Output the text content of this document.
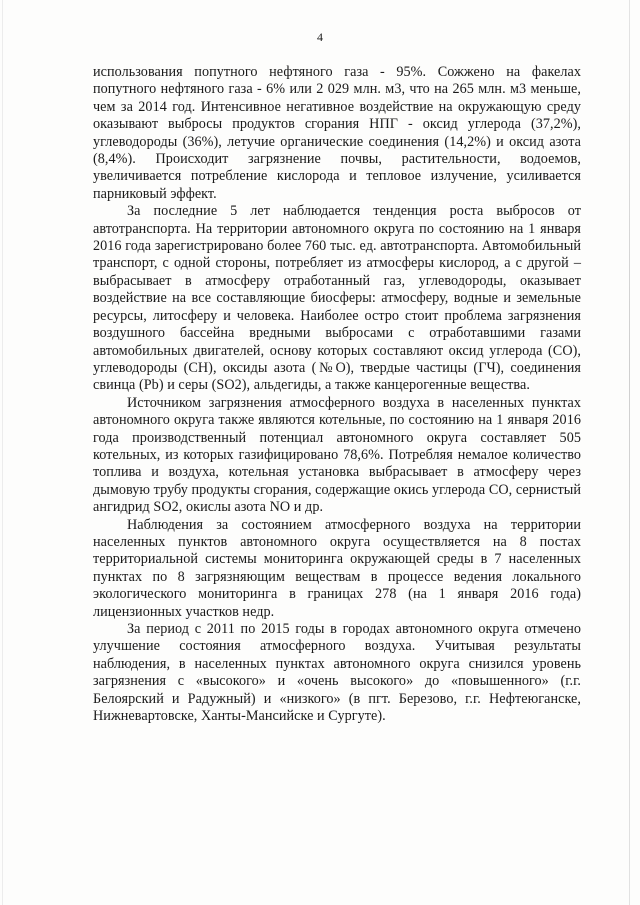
4

использования попутного нефтяного газа - 95%. Сожжено на факелах попутного нефтяного газа - 6% или 2 029 млн. м3, что на 265 млн. м3 меньше, чем за 2014 год. Интенсивное негативное воздействие на окружающую среду оказывают выбросы продуктов сгорания НПГ - оксид углерода (37,2%), углеводороды (36%), летучие органические соединения (14,2%) и оксид азота (8,4%). Происходит загрязнение почвы, растительности, водоемов, увеличивается потребление кислорода и тепловое излучение, усиливается парниковый эффект.

За последние 5 лет наблюдается тенденция роста выбросов от автотранспорта. На территории автономного округа по состоянию на 1 января 2016 года зарегистрировано более 760 тыс. ед. автотранспорта. Автомобильный транспорт, с одной стороны, потребляет из атмосферы кислород, а с другой – выбрасывает в атмосферу отработанный газ, углеводороды, оказывает воздействие на все составляющие биосферы: атмосферу, водные и земельные ресурсы, литосферу и человека. Наиболее остро стоит проблема загрязнения воздушного бассейна вредными выбросами с отработавшими газами автомобильных двигателей, основу которых составляют оксид углерода (СО), углеводороды (СН), оксиды азота (№О), твердые частицы (ГЧ), соединения свинца (Pb) и серы (SO2), альдегиды, а также канцерогенные вещества.

Источником загрязнения атмосферного воздуха в населенных пунктах автономного округа также являются котельные, по состоянию на 1 января 2016 года производственный потенциал автономного округа составляет 505 котельных, из которых газифицировано 78,6%. Потребляя немалое количество топлива и воздуха, котельная установка выбрасывает в атмосферу через дымовую трубу продукты сгорания, содержащие окись углерода СО, сернистый ангидрид SO2, окислы азота NO и др.

Наблюдения за состоянием атмосферного воздуха на территории населенных пунктов автономного округа осуществляется на 8 постах территориальной системы мониторинга окружающей среды в 7 населенных пунктах по 8 загрязняющим веществам в процессе ведения локального экологического мониторинга в границах 278 (на 1 января 2016 года) лицензионных участков недр.

За период с 2011 по 2015 годы в городах автономного округа отмечено улучшение состояния атмосферного воздуха. Учитывая результаты наблюдения, в населенных пунктах автономного округа снизился уровень загрязнения с «высокого» и «очень высокого» до «повышенного» (г.г. Белоярский и Радужный) и «низкого» (в пгт. Березово, г.г. Нефтеюганске, Нижневартовске, Ханты-Мансийске и Сургуте).
